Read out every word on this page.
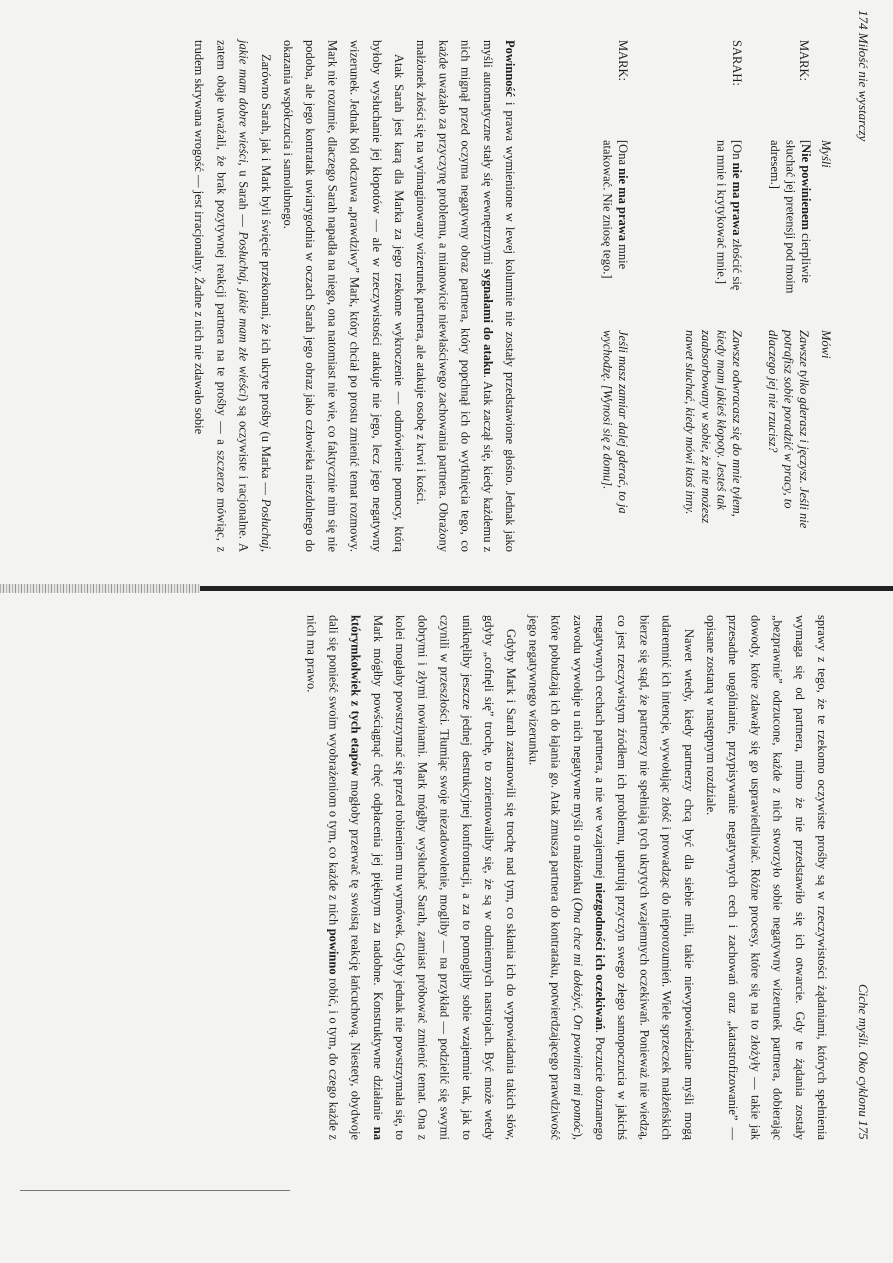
174 Miłość nie wystarczy
Myśli
Mówi
MARK:
[Nie powinienem cierpliwie słuchać jej pretensji pod moim adresem.]
Zawsze tylko gderasz i jęczysz. Jeśli nie potrafisz sobie poradzić w pracy, to dlaczego jej nie rzucisz?
SARAH:
[On nie ma prawa złościć się na mnie i krytykować mnie.]
Zawsze odwracasz się do mnie tyłem, kiedy mam jakieś kłopoty. Jesteś tak zaabsorbowany w sobie, że nie możesz nawet słuchać, kiedy mówi ktoś inny.
MARK:
[Ona nie ma prawa mnie atakować. Nie zniosę tego.]
Jeśli masz zamiar dalej gderać, to ja wychodzę. [Wynosi się z domu].

Powinność i prawa wymienione w lewej kolumnie nie zostały przedstawione głośno. Jednak jako myśli automatyczne stały się wewnętrznymi sygnałami do ataku. Atak zaczął się, kiedy każdemu z nich mignął przed oczyma negatywny obraz partnera, który popchnął ich do wytknięcia tego, co każde uważało za przyczynę problemu, a mianowicie niewłaściwego zachowania partnera. Obrażony małżonek złości się na wyimaginowany wizerunek partnera, ale atakuje osobę z krwi i kości.

Atak Sarah jest karą dla Marka za jego rzekome wykroczenie — odmówienie pomocy, którą byłoby wysłuchanie jej kłopotów — ale w rzeczywistości atakuje nie jego, lecz jego negatywny wizerunek. Jednak ból odczuwa „prawdziwy” Mark, który chciał po prostu zmienić temat rozmowy. Mark nie rozumie, dlaczego Sarah napadła na niego, ona natomiast nie wie, co faktycznie nim się nie podoba, ale jego kontratak uwiarygodnia w oczach Sarah jego obraz jako człowieka niezdolnego do okazania współczucia i samolubnego.

Zarówno Sarah, jak i Mark byli święcie przekonani, że ich ukryte prośby (u Marka — Posłuchaj, jakie mam dobre wieści, u Sarah — Posłuchaj, jakie mam złe wieści) są oczywiste i racjonalne. A zatem obaje uważali, że brak pozytywnej reakcji partnera na te prośby — a szczerze mówiąc, z trudem skrywana wrogość — jest irracjonalny. Żadne z nich nie zdawało sobie

Ciche myśli. Oko cyklonu 175

sprawy z tego, że te rzekomo oczywiste prośby są w rzeczywistości żądaniami, których spełnienia wymaga się od partnera, mimo że nie przedstawiło się ich otwarcie. Gdy te żądania zostały „bezprawnie” odrzucone, każde z nich stworzyło sobie negatywny wizerunek partnera, dobierając dowody, które zdawały się go usprawiedliwiać. Różne procesy, które się na to złożyły — takie jak przesadne uogólnianie, przypisywanie negatywnych cech i zachowań oraz „katastrofizowanie” — opisane zostaną w następnym rozdziale.

Nawet wtedy, kiedy partnerzy chcą być dla siebie mili, takie niewypowiedziane myśli mogą udaremnić ich intencje, wywołując złość i prowadząc do nieporozumień. Wiele sprzeczek małżeńskich bierze się stąd, że partnerzy nie spełniają tych ukrytych wzajemnych oczekiwań. Ponieważ nie wiedzą, co jest rzeczywistym źródłem ich problemu, upatrują przyczyn swego złego samopoczucia w jakichś negatywnych cechach partnera, a nie we wzajemnej niezgodności ich oczekiwań. Poczucie doznanego zawodu wywołuje u nich negatywne myśli o małżonku (Ona chce mi dołożyć, On powinien mi pomóc), które pobudzają ich do łajania go. Atak zmusza partnera do kontrataku, potwierdzającego prawdziwość jego negatywnego wizerunku.

Gdyby Mark i Sarah zastanowili się trochę nad tym, co skłania ich do wypowiadania takich słów, gdyby „cofnęli się” trochę, to zorientowaliby się, że są w odmiennych nastrojach. Być może wtedy uniknęliby jeszcze jednej destrukcyjnej konfrontacji, a za to pomoglіby sobie wzajemnie tak, jak to czynili w przeszłości. Tłumiąc swoje niezadowolenie, mogliby — na przykład — podzielić się swymi dobrymi i złymi nowinami. Mark mógłby wysłuchać Sarah, zamiast próbować zmienić temat. Ona z kolei mogłaby powstrzymać się przed robieniem mu wymówek. Gdyby jednak nie powstrzymała się, to Mark mógłby powściągnąć chęć odpłacenia jej pięknym za nadobne. Konstruktywne działanie na którymkolwiek z tych etapów mogłoby przerwać tę swoistą reakcję łańcuchową. Niestety, obydwoje dali się ponieść swoim wyobrażeniom o tym, co każde z nich powinno robić, i o tym, do czego każde z nich ma prawo.
